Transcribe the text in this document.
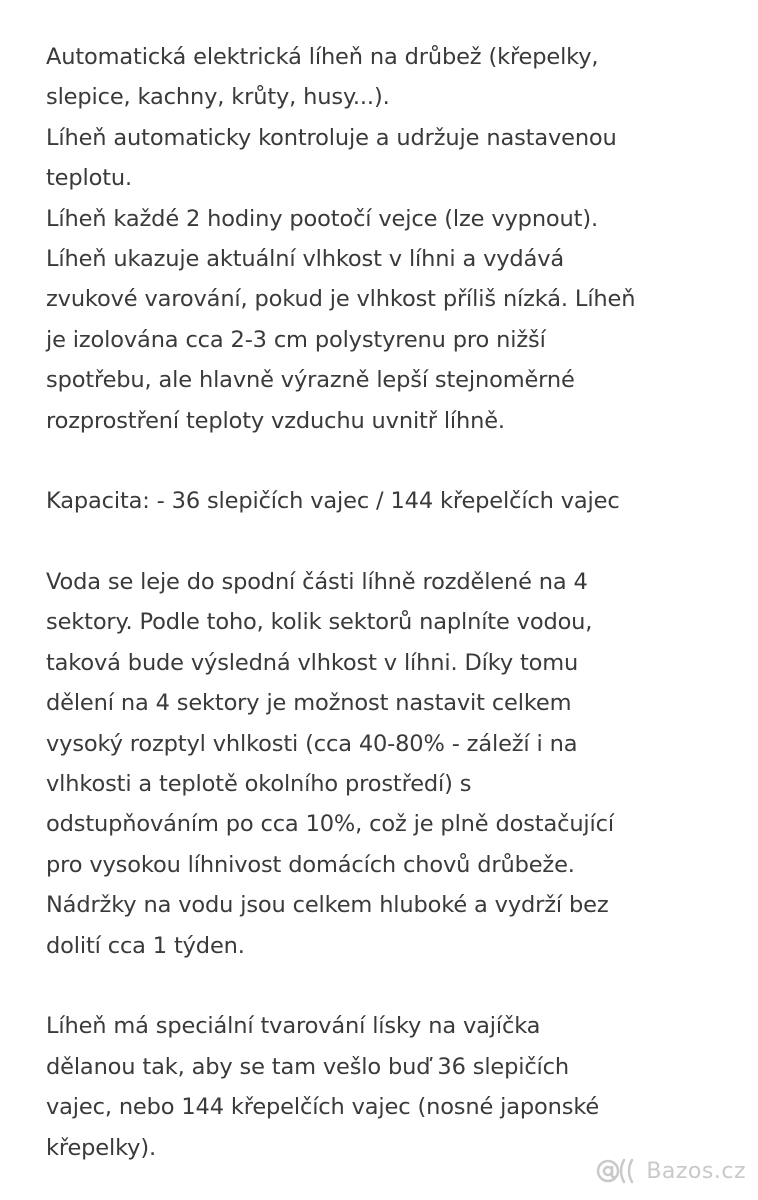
Automatická elektrická líheň na drůbež (křepelky,
slepice, kachny, krůty, husy...).
Líheň automaticky kontroluje a udržuje nastavenou
teplotu.
Líheň každé 2 hodiny pootočí vejce (lze vypnout).
Líheň ukazuje aktuální vlhkost v líhni a vydává
zvukové varování, pokud je vlhkost příliš nízká. Líheň
je izolována cca 2-3 cm polystyrenu pro nižší
spotřebu, ale hlavně výrazně lepší stejnoměrné
rozprostření teploty vzduchu uvnitř líhně.

Kapacita: - 36 slepičích vajec / 144 křepelčích vajec

Voda se leje do spodní části líhně rozdělené na 4
sektory. Podle toho, kolik sektorů naplníte vodou,
taková bude výsledná vlhkost v líhni. Díky tomu
dělení na 4 sektory je možnost nastavit celkem
vysoký rozptyl vhlkosti (cca 40-80% - záleží i na
vlhkosti a teplotě okolního prostředí) s
odstupňováním po cca 10%, což je plně dostačující
pro vysokou líhnivost domácích chovů drůbeže.
Nádržky na vodu jsou celkem hluboké a vydrží bez
dolití cca 1 týden.

Líheň má speciální tvarování lísky na vajíčka
dělanou tak, aby se tam vešlo buď 36 slepičích
vajec, nebo 144 křepelčích vajec (nosné japonské
křepelky).

Bazos.cz
